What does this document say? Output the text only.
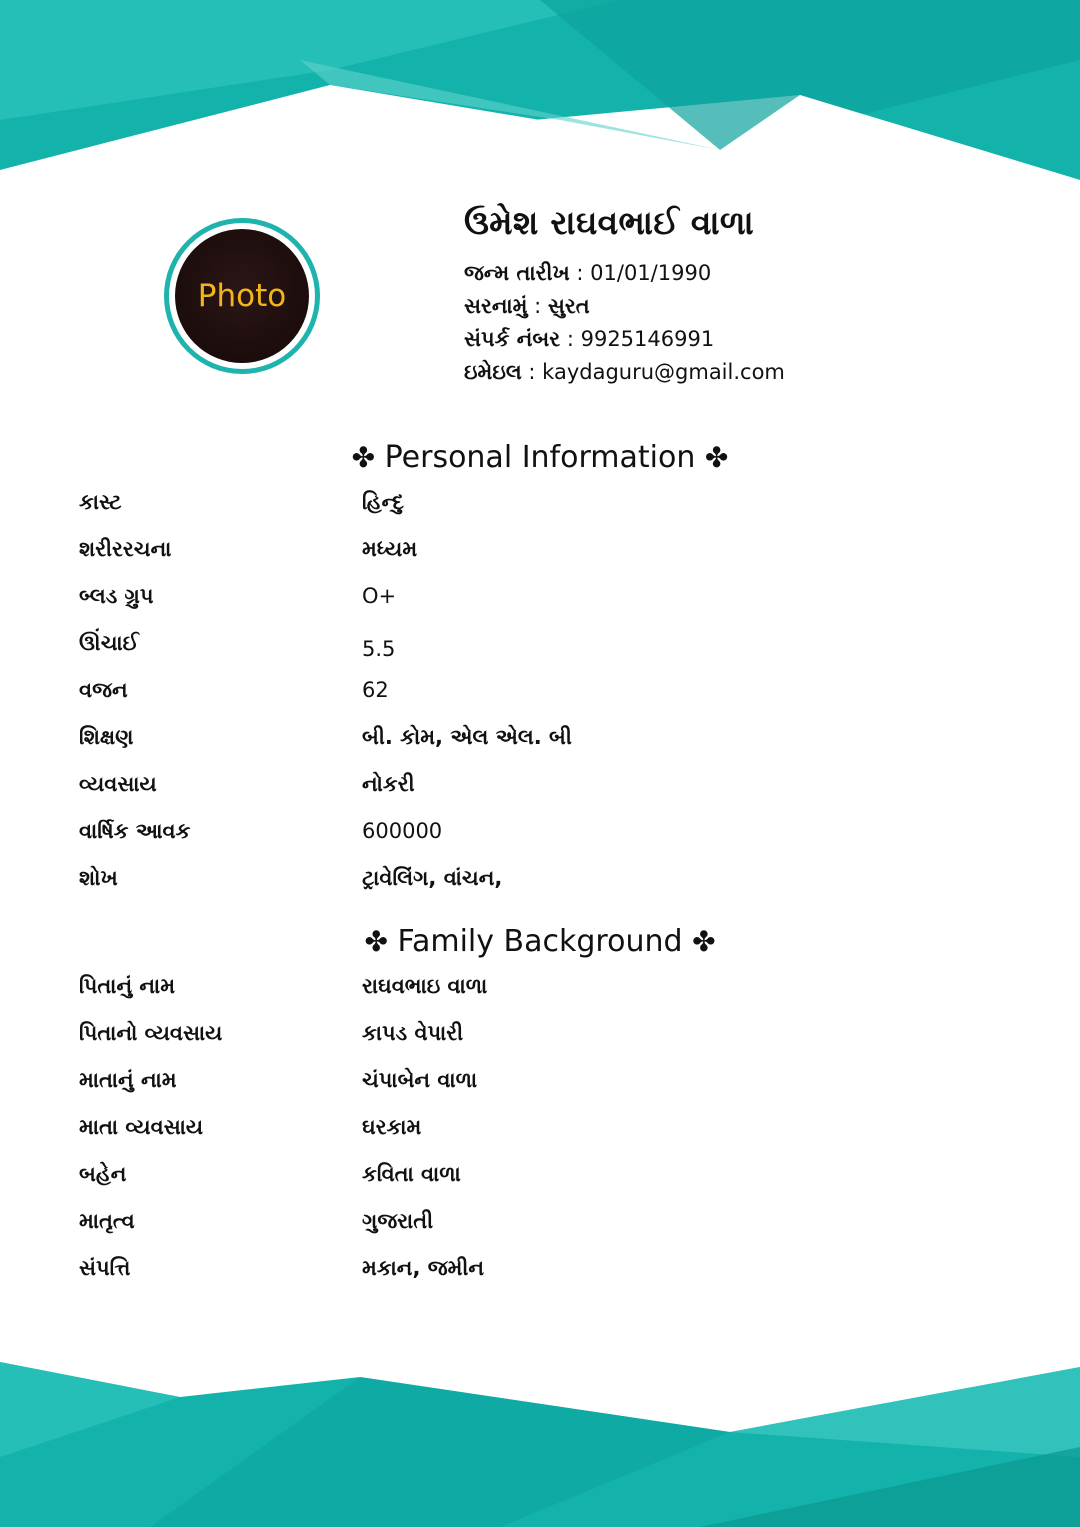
Photo
ઉમેશ રાઘવભાઈ વાળા
જન્મ તારીખ : 01/01/1990
સરનામું : સુરત
સંપર્ક નંબર : 9925146991
ઇમેઇલ : kaydaguru@gmail.com
✤ Personal Information ✤
કાસ્ટ	હિન્દુ
શરીરરચના	મધ્યમ
બ્લડ ગ્રુપ	O+
ઊંચાઈ	5.5
વજન	62
શિક્ષણ	બી. કોમ, એલ એલ. બી
વ્યવસાય	નોકરી
વાર્ષિક આવક	600000
શોખ	ટ્રાવેલિંગ, વાંચન,
✤ Family Background ✤
પિતાનું નામ	રાઘવભાઇ વાળા
પિતાનો વ્યવસાય	કાપડ વેપારી
માતાનું નામ	ચંપાબેન વાળા
માતા વ્યવસાય	ઘરકામ
બહેન	કવિતા વાળા
માતૃત્વ	ગુજરાતી
સંપત્તિ	મકાન, જમીન
